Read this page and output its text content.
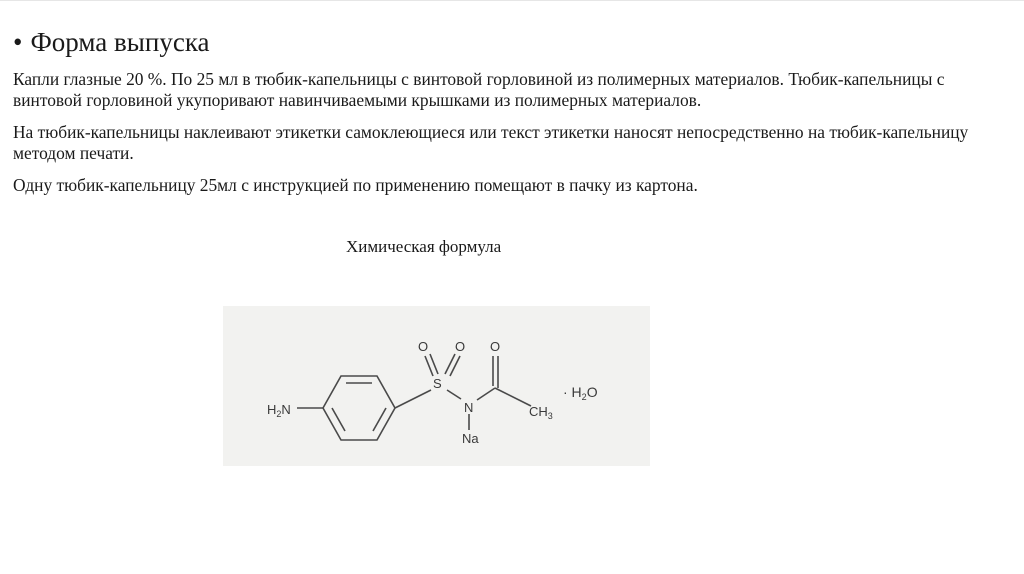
• Форма выпуска

Капли глазные 20 %. По 25 мл в тюбик-капельницы с винтовой горловиной из полимерных материалов. Тюбик-капельницы с винтовой горловиной укупоривают навинчиваемыми крышками из полимерных материалов.

На тюбик-капельницы наклеивают этикетки самоклеющиеся или текст этикетки наносят непосредственно на тюбик-капельницу методом печати.

Одну тюбик-капельницу 25мл с инструкцией по применению помещают в пачку из картона.

Химическая формула
$H_2N$
S
O O
N
Na
O
$CH_3$
· $H_2O$
